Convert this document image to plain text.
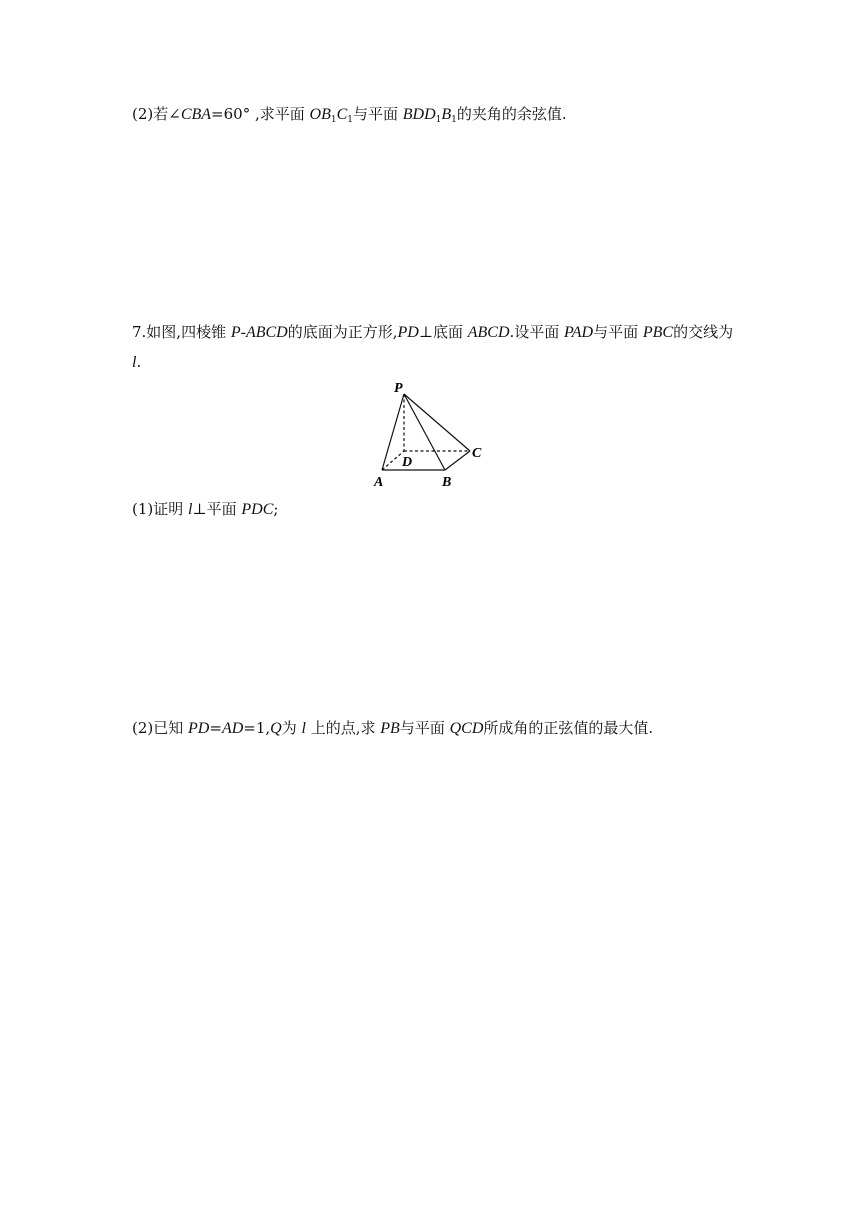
(2)若∠CBA=60° ,求平面 $OB_1C_1$与平面 $BDD_1B_1$的夹角的余弦值.
7.如图,四棱锥 P-ABCD的底面为正方形,PD⊥底面 ABCD.设平面 PAD与平面 PBC的交线为
l.
P
D
C
A	B
(1)证明 l⊥平面 PDC;
(2)已知 PD=AD=1,Q为 l 上的点,求 PB与平面 QCD所成角的正弦值的最大值.
